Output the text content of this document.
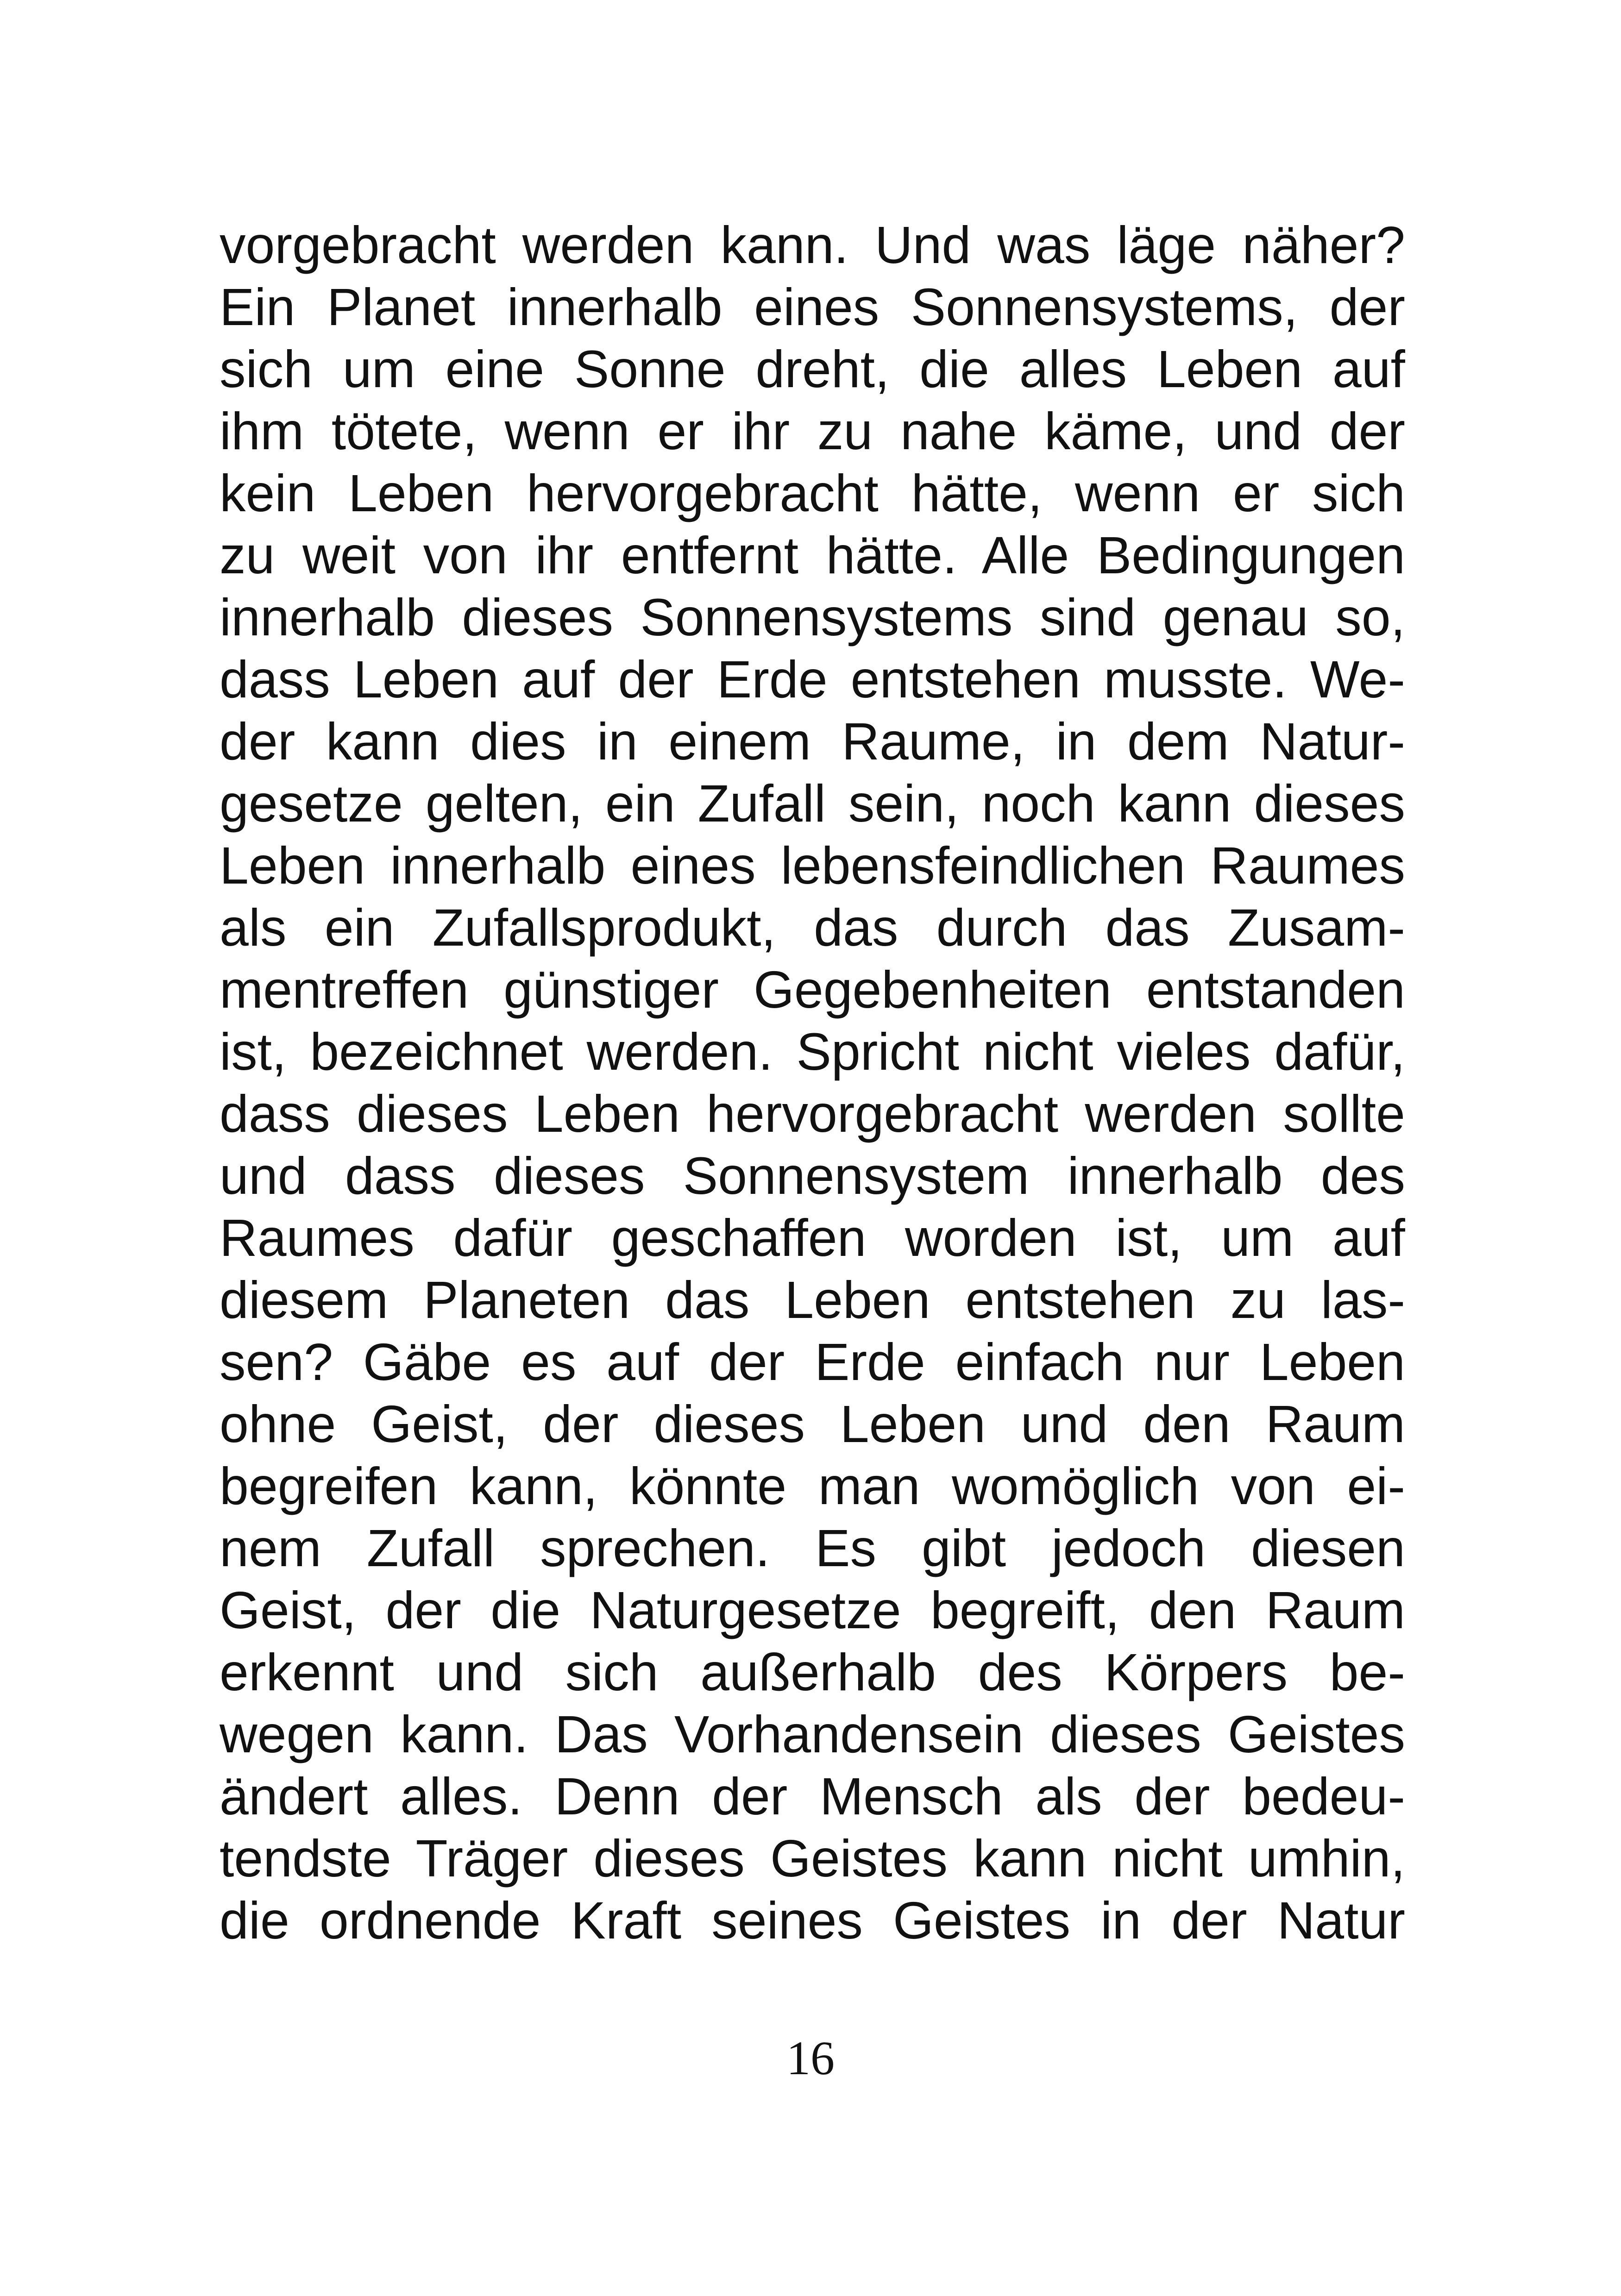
vorgebracht werden kann. Und was läge näher?
Ein Planet innerhalb eines Sonnensystems, der
sich um eine Sonne dreht, die alles Leben auf
ihm tötete, wenn er ihr zu nahe käme, und der
kein Leben hervorgebracht hätte, wenn er sich
zu weit von ihr entfernt hätte. Alle Bedingungen
innerhalb dieses Sonnensystems sind genau so,
dass Leben auf der Erde entstehen musste. We-
der kann dies in einem Raume, in dem Natur-
gesetze gelten, ein Zufall sein, noch kann dieses
Leben innerhalb eines lebensfeindlichen Raumes
als ein Zufallsprodukt, das durch das Zusam-
mentreffen günstiger Gegebenheiten entstanden
ist, bezeichnet werden. Spricht nicht vieles dafür,
dass dieses Leben hervorgebracht werden sollte
und dass dieses Sonnensystem innerhalb des
Raumes dafür geschaffen worden ist, um auf
diesem Planeten das Leben entstehen zu las-
sen? Gäbe es auf der Erde einfach nur Leben
ohne Geist, der dieses Leben und den Raum
begreifen kann, könnte man womöglich von ei-
nem Zufall sprechen. Es gibt jedoch diesen
Geist, der die Naturgesetze begreift, den Raum
erkennt und sich außerhalb des Körpers be-
wegen kann. Das Vorhandensein dieses Geistes
ändert alles. Denn der Mensch als der bedeu-
tendste Träger dieses Geistes kann nicht umhin,
die ordnende Kraft seines Geistes in der Natur
16
